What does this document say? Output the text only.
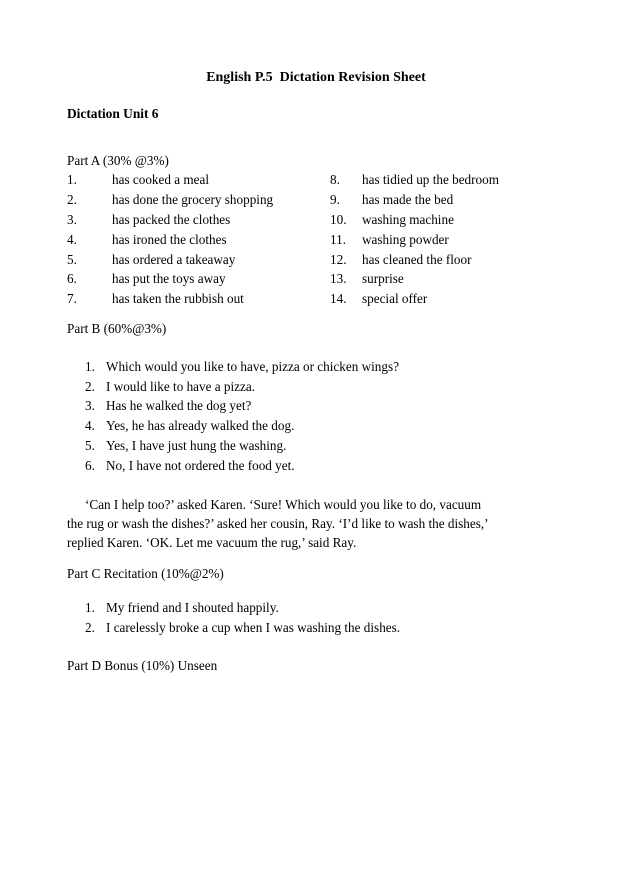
English P.5  Dictation Revision Sheet
Dictation Unit 6
Part A (30% @3%)
1.	has cooked a meal
2.	has done the grocery shopping
3.	has packed the clothes
4.	has ironed the clothes
5.	has ordered a takeaway
6.	has put the toys away
7.	has taken the rubbish out
8.	has tidied up the bedroom
9.	has made the bed
10.	washing machine
11.	washing powder
12.	has cleaned the floor
13.	surprise
14.	special offer
Part B (60%@3%)
1. Which would you like to have, pizza or chicken wings?
2. I would like to have a pizza.
3. Has he walked the dog yet?
4. Yes, he has already walked the dog.
5. Yes, I have just hung the washing.
6. No, I have not ordered the food yet.
‘Can I help too?’ asked Karen. ‘Sure! Which would you like to do, vacuum
the rug or wash the dishes?’ asked her cousin, Ray. ‘I’d like to wash the dishes,’
replied Karen. ‘OK. Let me vacuum the rug,’ said Ray.
Part C Recitation (10%@2%)
1. My friend and I shouted happily.
2. I carelessly broke a cup when I was washing the dishes.
Part D Bonus (10%) Unseen
